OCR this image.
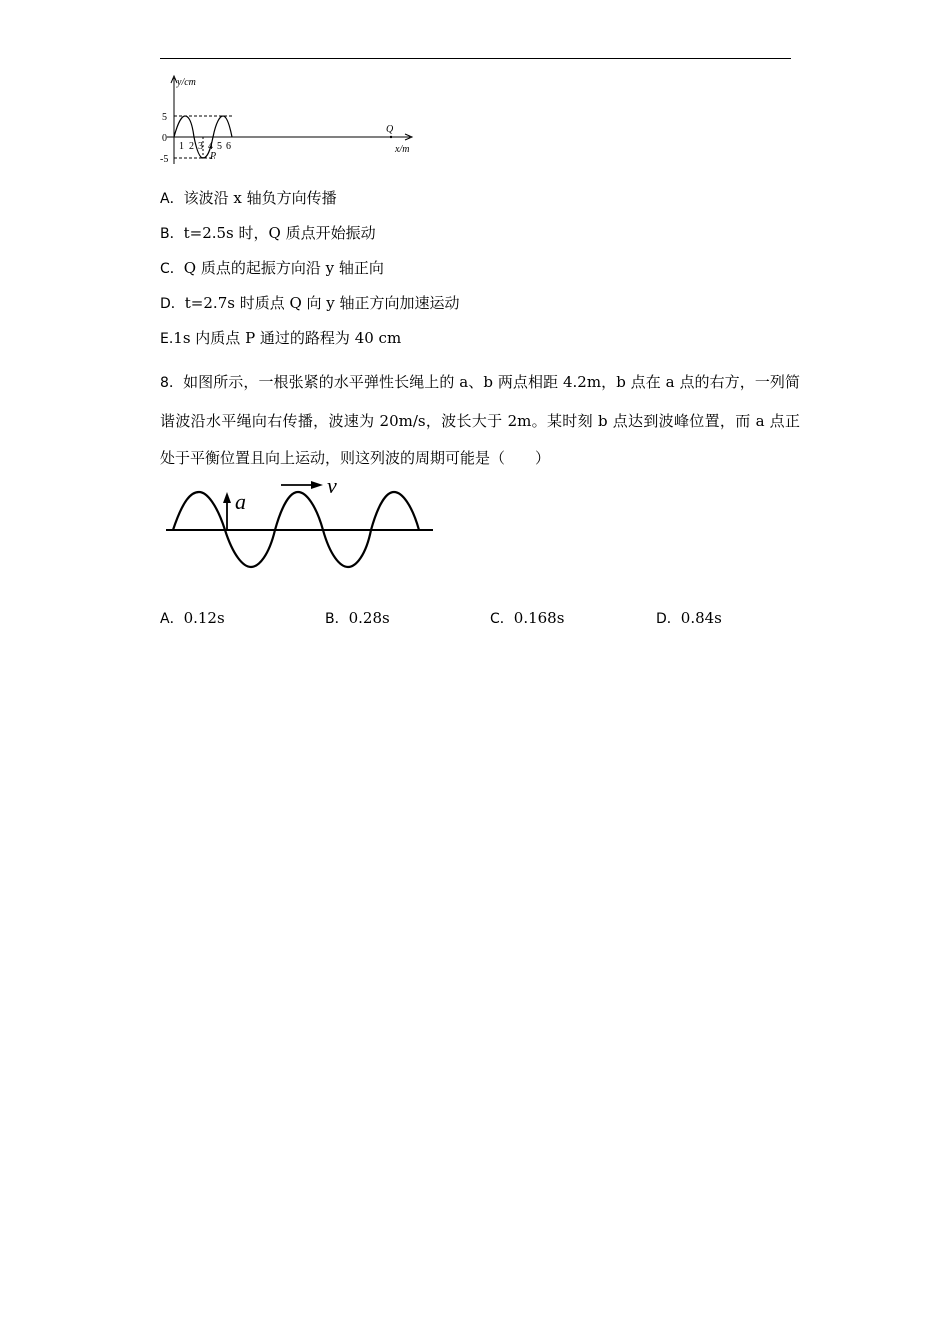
y/cm
x/m
5
0
-5
1 2 3 4 5 6
Q
P
A．该波沿 x 轴负方向传播
B．t=2.5s 时，Q 质点开始振动
C．Q 质点的起振方向沿 y 轴正向
D．t=2.7s 时质点 Q 向 y 轴正方向加速运动
E.1s 内质点 P 通过的路程为 40 cm

8．如图所示，一根张紧的水平弹性长绳上的 a、b 两点相距 4.2m，b 点在 a 点的右方，一列简谐波沿水平绳向右传播，波速为 20m/s，波长大于 2m。某时刻 b 点达到波峰位置，而 a 点正处于平衡位置且向上运动，则这列波的周期可能是（　　）

a
v
A．0.12s	B．0.28s	C．0.168s	D．0.84s
